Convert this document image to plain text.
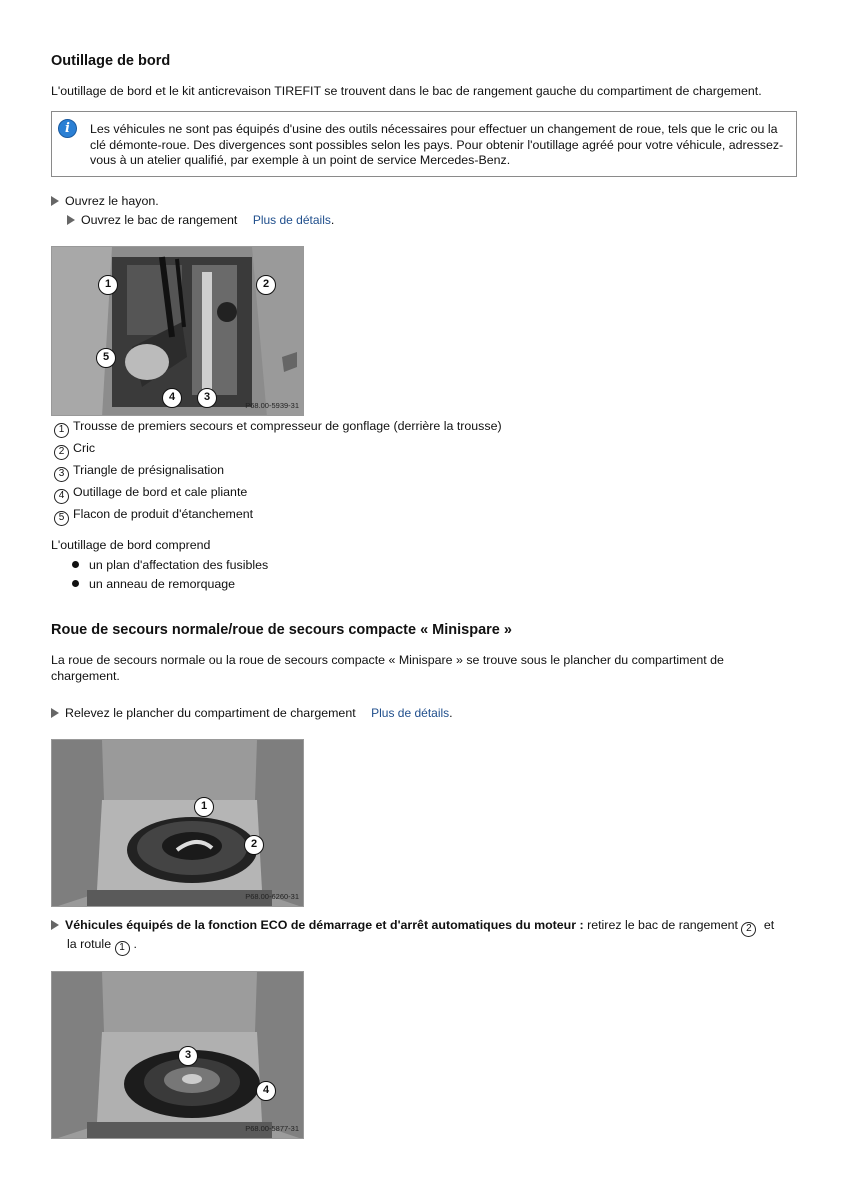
Outillage de bord
L'outillage de bord et le kit anticrevaison TIREFIT se trouvent dans le bac de rangement gauche du compartiment de chargement.
i	Les véhicules ne sont pas équipés d'usine des outils nécessaires pour effectuer un changement de roue, tels que le cric ou la clé démonte-roue. Des divergences sont possibles selon les pays. Pour obtenir l'outillage agréé pour votre véhicule, adressez-vous à un atelier qualifié, par exemple à un point de service Mercedes-Benz.
Ouvrez le hayon.
Ouvrez le bac de rangement Plus de détails.
1	2
5
4	3
P68.00-5939-31
1 Trousse de premiers secours et compresseur de gonflage (derrière la trousse)
2 Cric
3 Triangle de présignalisation
4 Outillage de bord et cale pliante
5 Flacon de produit d'étanchement
L'outillage de bord comprend
un plan d'affectation des fusibles
un anneau de remorquage
Roue de secours normale/roue de secours compacte « Minispare »
La roue de secours normale ou la roue de secours compacte « Minispare » se trouve sous le plancher du compartiment de chargement.
Relevez le plancher du compartiment de chargement Plus de détails.
1
2
P68.00-6260-31
Véhicules équipés de la fonction ECO de démarrage et d'arrêt automatiques du moteur : retirez le bac de rangement 2 et
la rotule 1 .
3
4
P68.00-5877-31
